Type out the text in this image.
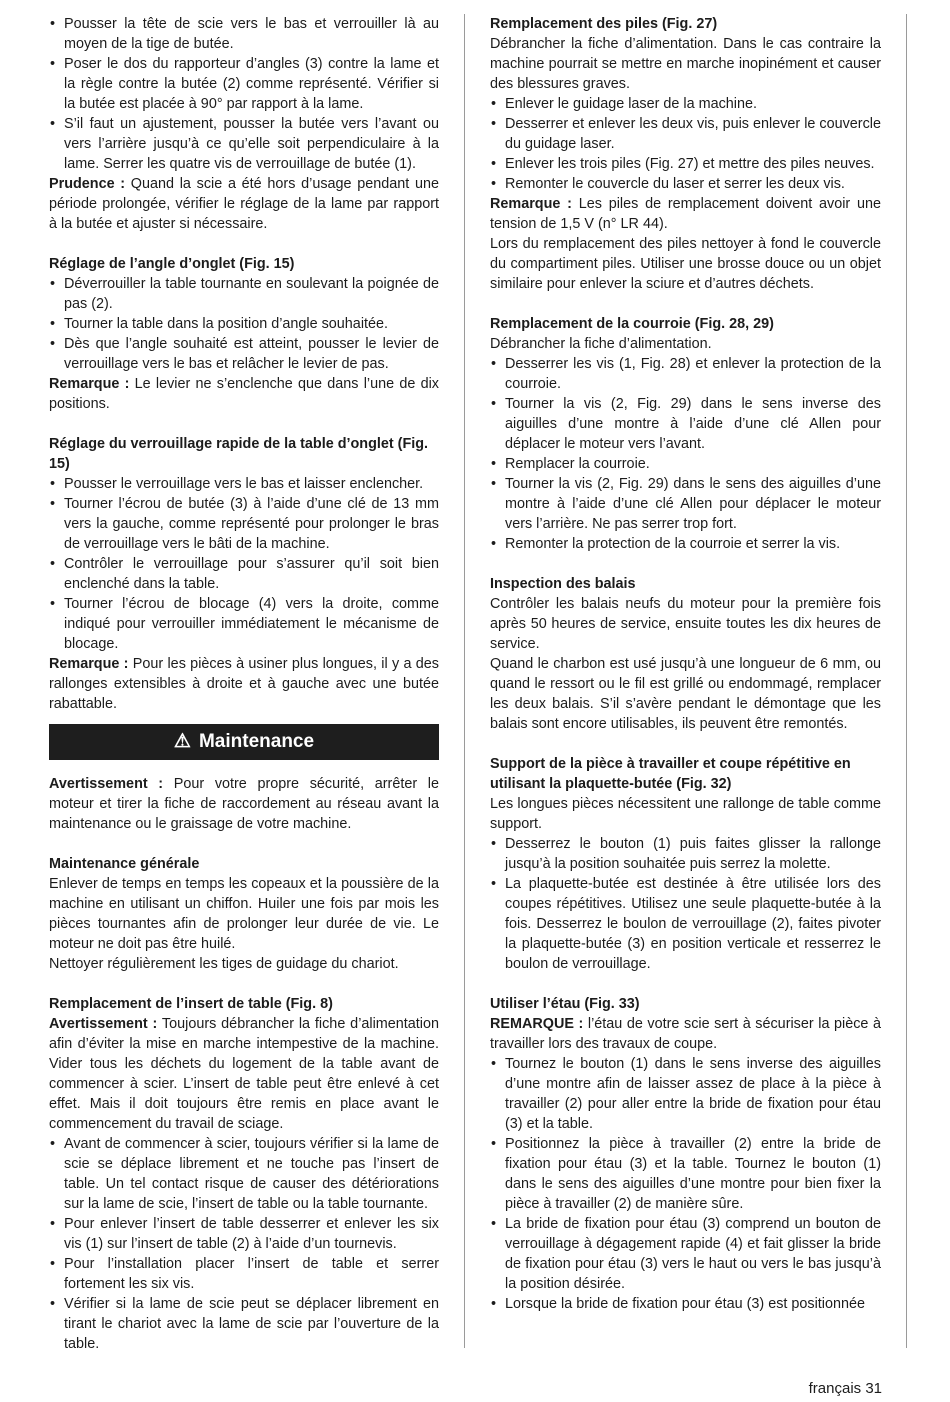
• Pousser la tête de scie vers le bas et verrouiller là au moyen de la tige de butée.
• Poser le dos du rapporteur d’angles (3) contre la lame et la règle contre la butée (2) comme représenté. Vérifier si la butée est placée à 90° par rapport à la lame.
• S’il faut un ajustement, pousser la butée vers l’avant ou vers l’arrière jusqu’à ce qu’elle soit perpendiculaire à la lame. Serrer les quatre vis de verrouillage de butée (1).

Prudence : Quand la scie a été hors d’usage pendant une période prolongée, vérifier le réglage de la lame par rapport à la butée et ajuster si nécessaire.

Réglage de l’angle d’onglet (Fig. 15)

• Déverrouiller la table tournante en soulevant la poignée de pas (2).
• Tourner la table dans la position d’angle souhaitée.
• Dès que l’angle souhaité est atteint, pousser le levier de verrouillage vers le bas et relâcher le levier de pas.

Remarque : Le levier ne s’enclenche que dans l’une de dix positions.

Réglage du verrouillage rapide de la table d’onglet (Fig. 15)

• Pousser le verrouillage vers le bas et laisser enclencher.
• Tourner l’écrou de butée (3) à l’aide d’une clé de 13 mm vers la gauche, comme représenté pour prolonger le bras de verrouillage vers le bâti de la machine.
• Contrôler le verrouillage pour s’assurer qu’il soit bien enclenché dans la table.
• Tourner l’écrou de blocage (4) vers la droite, comme indiqué pour verrouiller immédiatement le mécanisme de blocage.

Remarque : Pour les pièces à usiner plus longues, il y a des rallonges extensibles à droite et à gauche avec une butée rabattable.

⚠ Maintenance

Avertissement : Pour votre propre sécurité, arrêter le moteur et tirer la fiche de raccordement au réseau avant la maintenance ou le graissage de votre machine.

Maintenance générale

Enlever de temps en temps les copeaux et la poussière de la machine en utilisant un chiffon. Huiler une fois par mois les pièces tournantes afin de prolonger leur durée de vie. Le moteur ne doit pas être huilé.

Nettoyer régulièrement les tiges de guidage du chariot.

Remplacement de l’insert de table (Fig. 8)

Avertissement : Toujours débrancher la fiche d’alimentation afin d’éviter la mise en marche intempestive de la machine. Vider tous les déchets du logement de la table avant de commencer à scier. L’insert de table peut être enlevé à cet effet. Mais il doit toujours être remis en place avant le commencement du travail de sciage.

• Avant de commencer à scier, toujours vérifier si la lame de scie se déplace librement et ne touche pas l’insert de table. Un tel contact risque de causer des détériorations sur la lame de scie, l’insert de table ou la table tournante.
• Pour enlever l’insert de table desserrer et enlever les six vis (1) sur l’insert de table (2) à l’aide d’un tournevis.
• Pour l’installation placer l’insert de table et serrer fortement les six vis.
• Vérifier si la lame de scie peut se déplacer librement en tirant le chariot avec la lame de scie par l’ouverture de la table.

Remplacement des piles (Fig. 27)

Débrancher la fiche d’alimentation. Dans le cas contraire la machine pourrait se mettre en marche inopinément et causer des blessures graves.

• Enlever le guidage laser de la machine.
• Desserrer et enlever les deux vis, puis enlever le couvercle du guidage laser.
• Enlever les trois piles (Fig. 27) et mettre des piles neuves.
• Remonter le couvercle du laser et serrer les deux vis.

Remarque : Les piles de remplacement doivent avoir une tension de 1,5 V (n° LR 44).

Lors du remplacement des piles nettoyer à fond le couvercle du compartiment piles. Utiliser une brosse douce ou un objet similaire pour enlever la sciure et d’autres déchets.

Remplacement de la courroie (Fig. 28, 29)

Débrancher la fiche d’alimentation.

• Desserrer les vis (1, Fig. 28) et enlever la protection de la courroie.
• Tourner la vis (2, Fig. 29) dans le sens inverse des aiguilles d’une montre à l’aide d’une clé Allen pour déplacer le moteur vers l’avant.
• Remplacer la courroie.
• Tourner la vis (2, Fig. 29) dans le sens des aiguilles d’une montre à l’aide d’une clé Allen pour déplacer le moteur vers l’arrière. Ne pas serrer trop fort.
• Remonter la protection de la courroie et serrer la vis.

Inspection des balais

Contrôler les balais neufs du moteur pour la première fois après 50 heures de service, ensuite toutes les dix heures de service.

Quand le charbon est usé jusqu’à une longueur de 6 mm, ou quand le ressort ou le fil est grillé ou endommagé, remplacer les deux balais. S’il s’avère pendant le démontage que les balais sont encore utilisables, ils peuvent être remontés.

Support de la pièce à travailler et coupe répétitive en utilisant la plaquette-butée (Fig. 32)

Les longues pièces nécessitent une rallonge de table comme support.

• Desserrez le bouton (1) puis faites glisser la rallonge jusqu’à la position souhaitée puis serrez la molette.
• La plaquette-butée est destinée à être utilisée lors des coupes répétitives. Utilisez une seule plaquette-butée à la fois. Desserrez le boulon de verrouillage (2), faites pivoter la plaquette-butée (3) en position verticale et resserrez le boulon de verrouillage.

Utiliser l’étau (Fig. 33)

REMARQUE : l’étau de votre scie sert à sécuriser la pièce à travailler lors des travaux de coupe.

• Tournez le bouton (1) dans le sens inverse des aiguilles d’une montre afin de laisser assez de place à la pièce à travailler (2) pour aller entre la bride de fixation pour étau (3) et la table.
• Positionnez la pièce à travailler (2) entre la bride de fixation pour étau (3) et la table. Tournez le bouton (1) dans le sens des aiguilles d’une montre pour bien fixer la pièce à travailler (2) de manière sûre.
• La bride de fixation pour étau (3) comprend un bouton de verrouillage à dégagement rapide (4) et fait glisser la bride de fixation pour étau (3) vers le haut ou vers le bas jusqu’à la position désirée.
• Lorsque la bride de fixation pour étau (3) est positionnée
français 31
